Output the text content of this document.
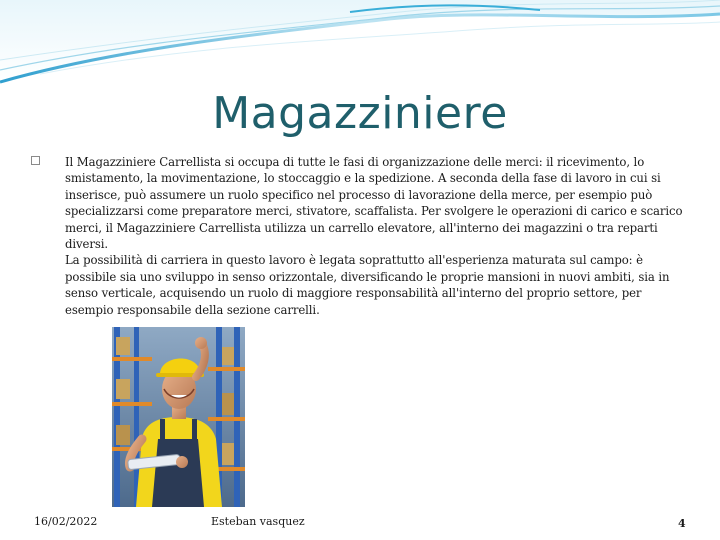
Magazziniere

Il Magazziniere Carrellista si occupa di tutte le fasi di organizzazione delle merci: il ricevimento, lo smistamento, la movimentazione, lo stoccaggio e la spedizione. A seconda della fase di lavoro in cui si inserisce, può assumere un ruolo specifico nel processo di lavorazione della merce, per esempio può specializzarsi come preparatore merci, stivatore, scaffalista. Per svolgere le operazioni di carico e scarico merci, il Magazziniere Carrellista utilizza un carrello elevatore, all'interno dei magazzini o tra reparti diversi.

La possibilità di carriera in questo lavoro è legata soprattutto all'esperienza maturata sul campo: è possibile sia uno sviluppo in senso orizzontale, diversificando le proprie mansioni in nuovi ambiti, sia in senso verticale, acquisendo un ruolo di maggiore responsabilità all'interno del proprio settore, per esempio responsabile della sezione carrelli.

16/02/2022	Esteban vasquez	4
